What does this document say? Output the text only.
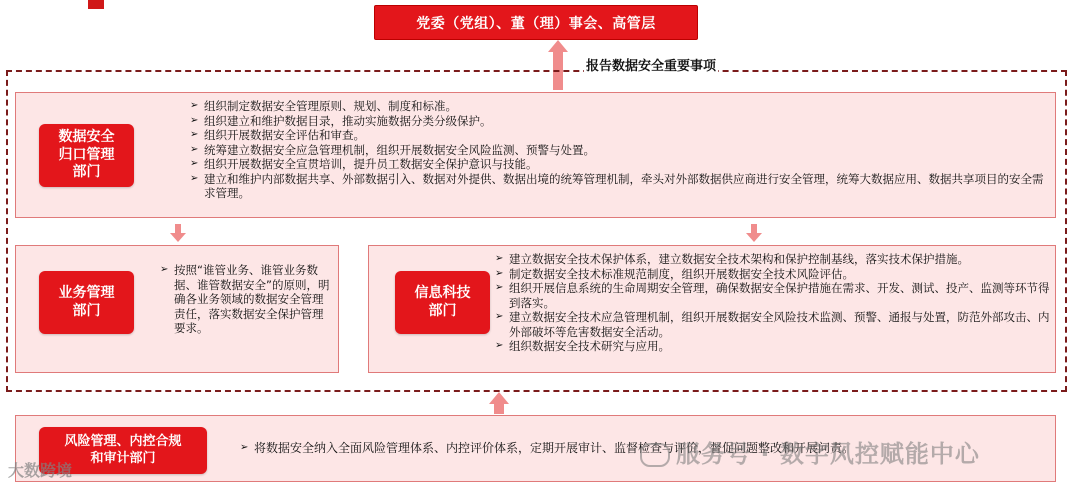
党委（党组）、董（理）事会、高管层
报告数据安全重要事项
数据安全
归口管理
部门
➢ 组织制定数据安全管理原则、规划、制度和标准。
➢ 组织建立和维护数据目录，推动实施数据分类分级保护。
➢ 组织开展数据安全评估和审查。
➢ 统筹建立数据安全应急管理机制，组织开展数据安全风险监测、预警与处置。
➢ 组织开展数据安全宣贯培训，提升员工数据安全保护意识与技能。
➢ 建立和维护内部数据共享、外部数据引入、数据对外提供、数据出境的统筹管理机制，牵头对外部数据供应商进行安全管理，统筹大数据应用、数据共享项目的安全需求管理。
业务管理
部门
➢ 按照“谁管业务、谁管业务数据、谁管数据安全”的原则，明确各业务领域的数据安全管理责任，落实数据安全保护管理要求。
信息科技
部门
➢ 建立数据安全技术保护体系，建立数据安全技术架构和保护控制基线，落实技术保护措施。
➢ 制定数据安全技术标准规范制度，组织开展数据安全技术风险评估。
➢ 组织开展信息系统的生命周期安全管理，确保数据安全保护措施在需求、开发、测试、投产、监测等环节得到落实。
➢ 建立数据安全技术应急管理机制，组织开展数据安全风险技术监测、预警、通报与处置，防范外部攻击、内外部破坏等危害数据安全活动。
➢ 组织数据安全技术研究与应用。
风险管理、内控合规
和审计部门
➢ 将数据安全纳入全面风险管理体系、内控评价体系，定期开展审计、监督检查与评价，督促问题整改和开展问责。
服务号 · 数字风控赋能中心
大数跨境
